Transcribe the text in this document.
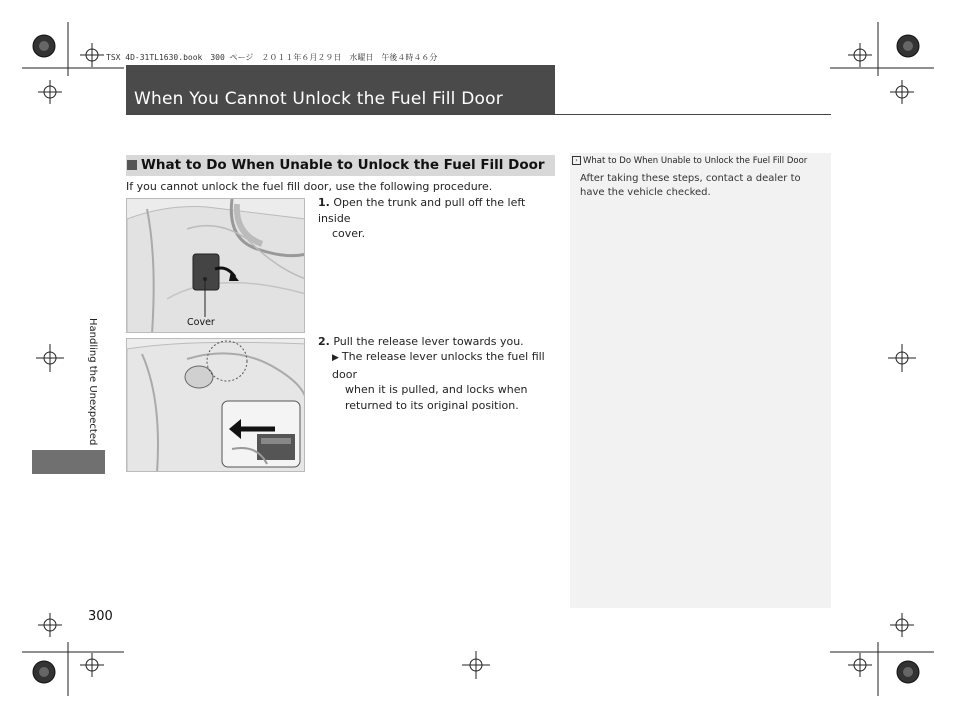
TSX 4D-31TL1630.book　300 ページ　２０１１年６月２９日　水曜日　午後４時４６分
When You Cannot Unlock the Fuel Fill Door
What to Do When Unable to Unlock the Fuel Fill Door
If you cannot unlock the fuel fill door, use the following procedure.
Cover
1. Open the trunk and pull off the left inside
cover.
2. Pull the release lever towards you.
▶ The release lever unlocks the fuel fill door
when it is pulled, and locks when
returned to its original position.
› What to Do When Unable to Unlock the Fuel Fill Door
After taking these steps, contact a dealer to have the vehicle checked.
Handling the Unexpected
300
